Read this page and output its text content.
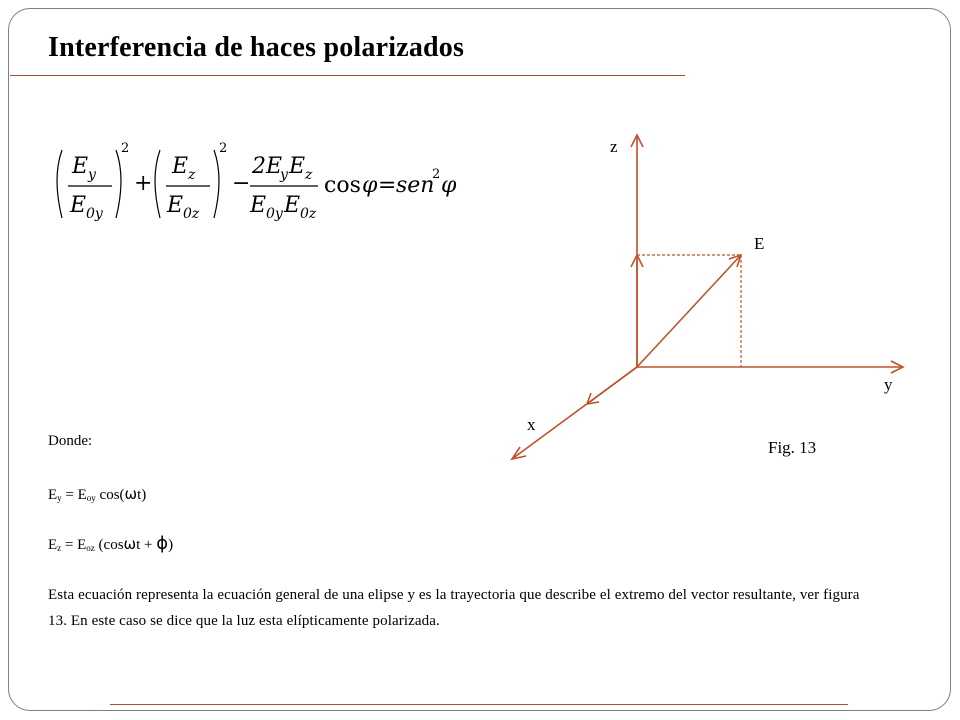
Interferencia de haces polarizados
E y
E 0y
2
+
E z
E 0z
2
−
2E
y E z
E 0y E 0z
cos φ = sen
2 φ
z
E
y
x
Fig. 13
Donde:
$E_y = E_{oy}$ cos(ωt)
$E_z = E_{oz}$ (cosωt + ϕ)
Esta ecuación representa la ecuación general de una elipse y es la trayectoria que describe el extremo del vector resultante, ver figura 13. En este caso se dice que la luz esta elípticamente polarizada.
